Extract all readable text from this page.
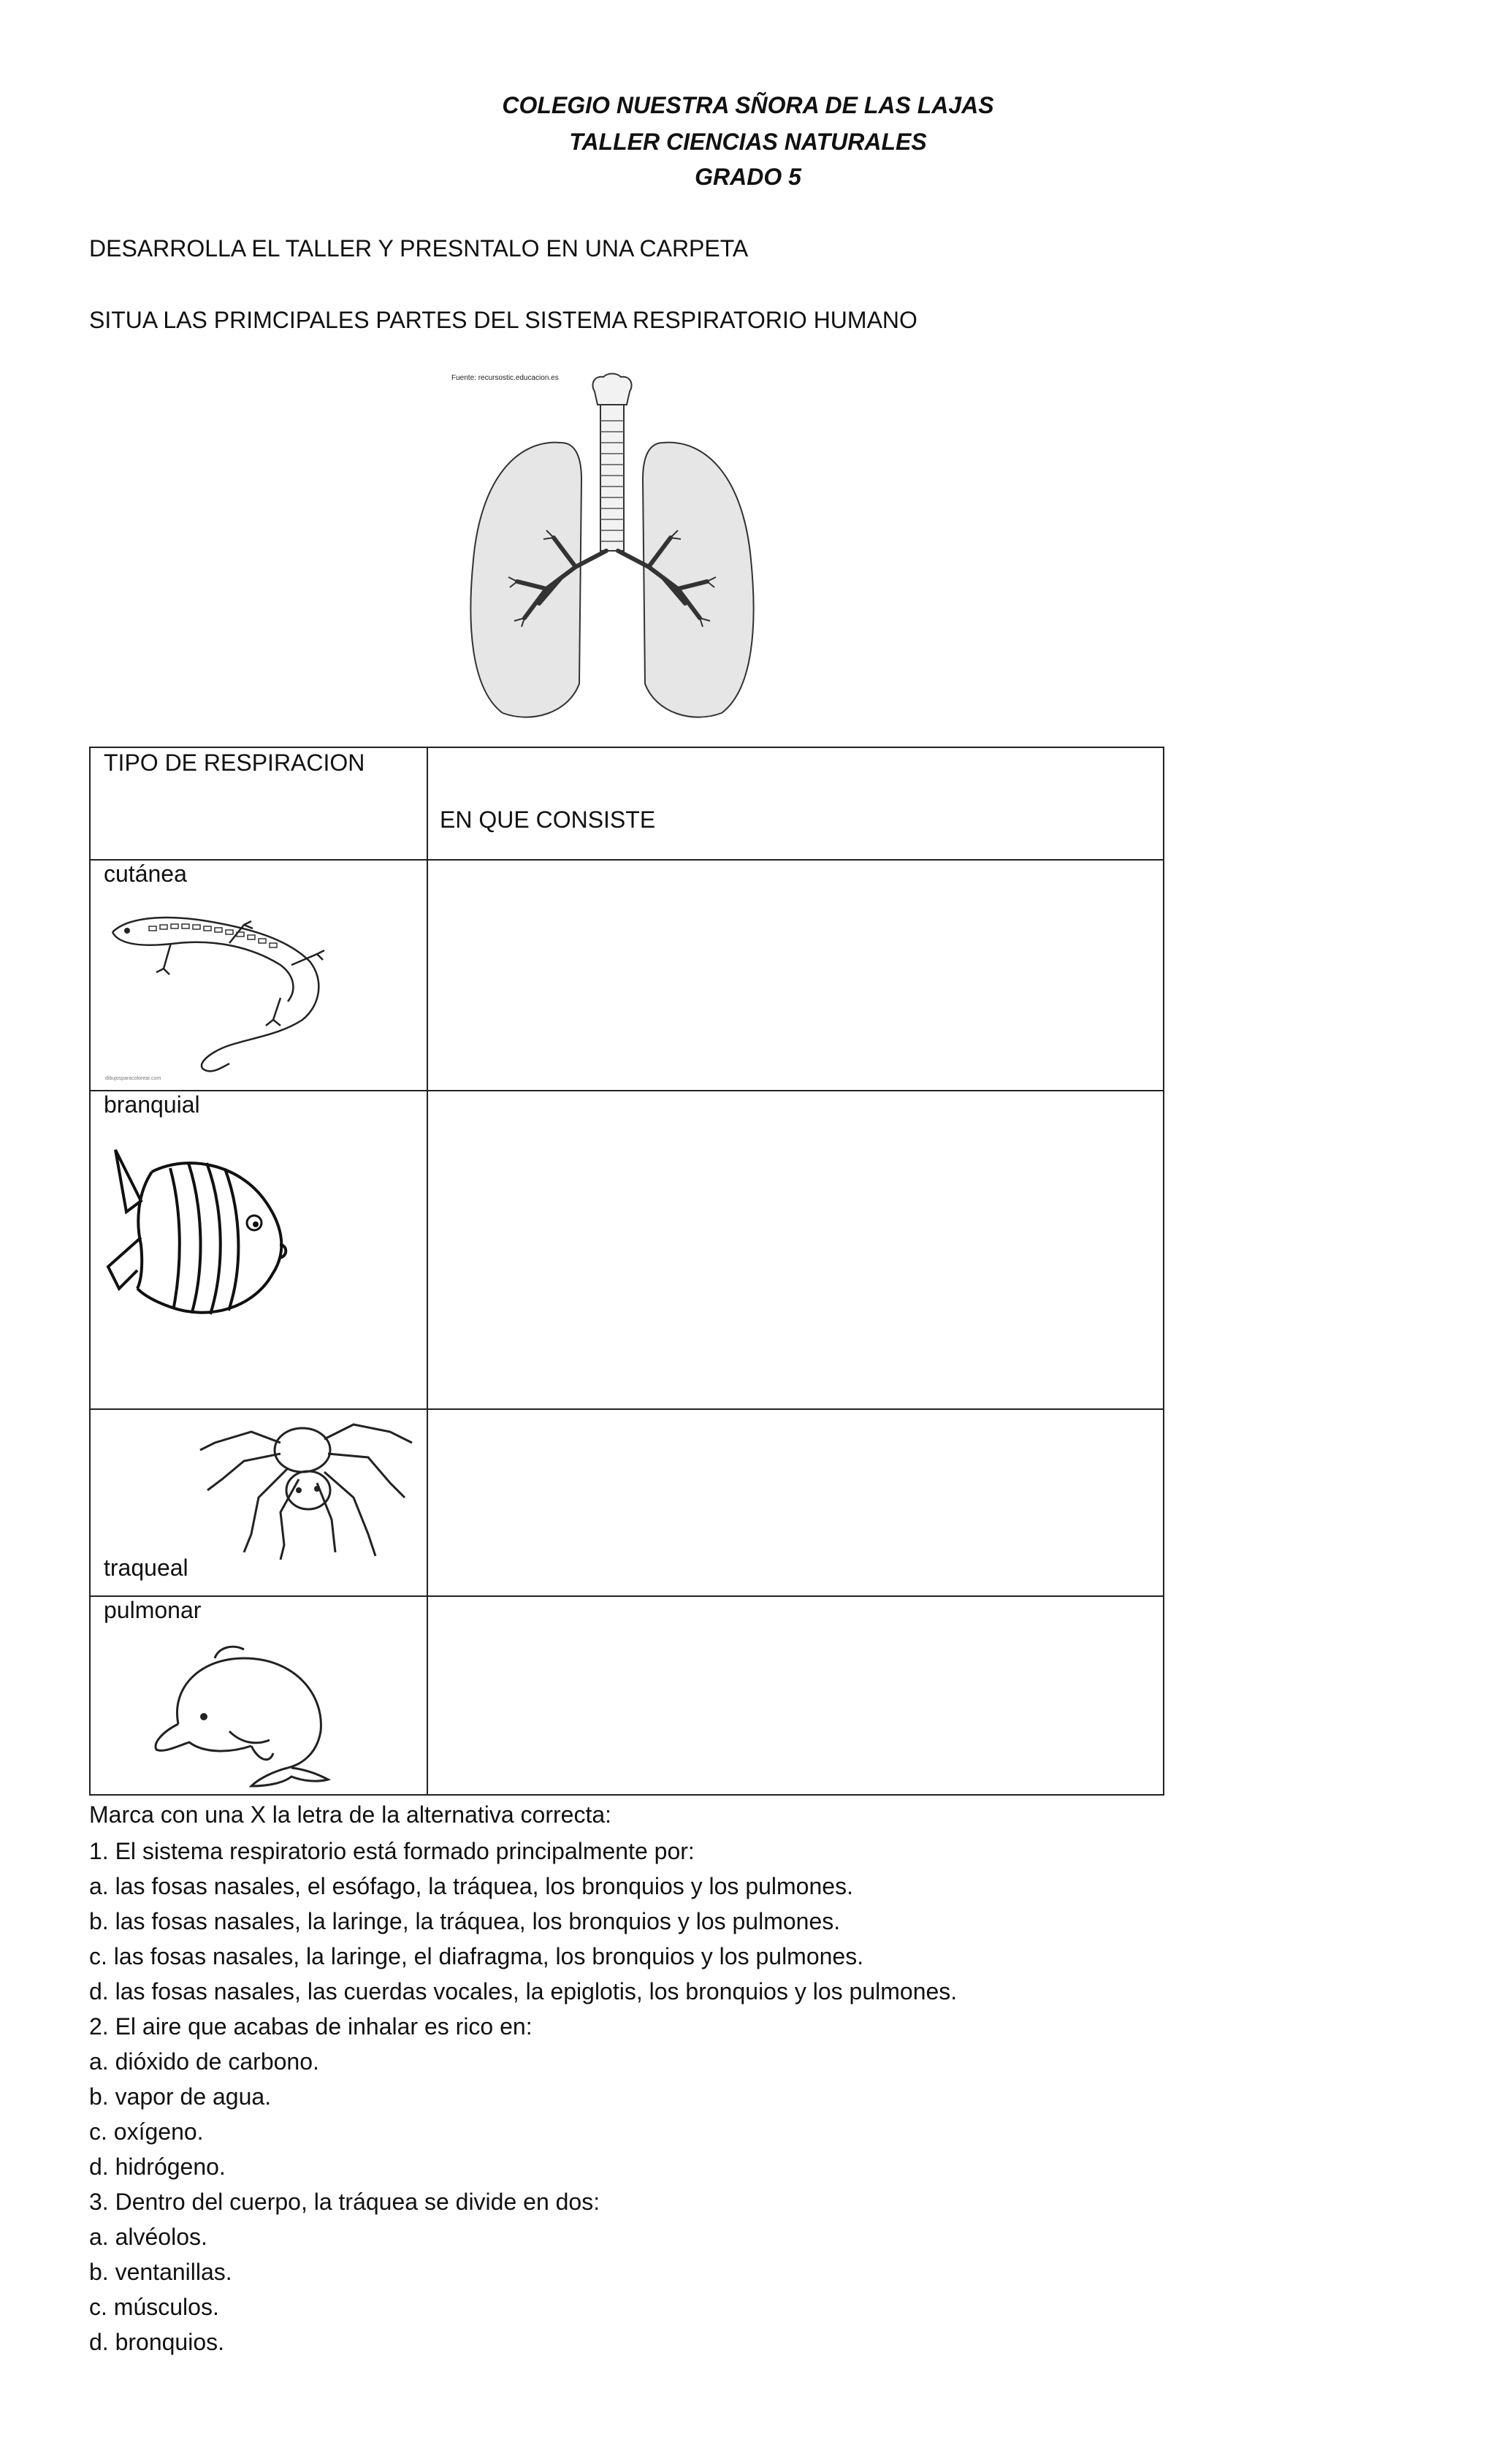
COLEGIO NUESTRA SÑORA DE LAS LAJAS
TALLER CIENCIAS NATURALES
GRADO 5
DESARROLLA EL TALLER Y PRESNTALO EN UNA CARPETA
SITUA LAS PRIMCIPALES PARTES DEL SISTEMA RESPIRATORIO HUMANO
Fuente: recursostic.educacion.es
TIPO DE RESPIRACION
EN QUE CONSISTE
cutánea
dibujosparacolorear.com
branquial
traqueal
pulmonar
Marca con una X la letra de la alternativa correcta:
1. El sistema respiratorio está formado principalmente por:
a. las fosas nasales, el esófago, la tráquea, los bronquios y los pulmones.
b. las fosas nasales, la laringe, la tráquea, los bronquios y los pulmones.
c. las fosas nasales, la laringe, el diafragma, los bronquios y los pulmones.
d. las fosas nasales, las cuerdas vocales, la epiglotis, los bronquios y los pulmones.
2. El aire que acabas de inhalar es rico en:
a. dióxido de carbono.
b. vapor de agua.
c. oxígeno.
d. hidrógeno.
3. Dentro del cuerpo, la tráquea se divide en dos:
a. alvéolos.
b. ventanillas.
c. músculos.
d. bronquios.
